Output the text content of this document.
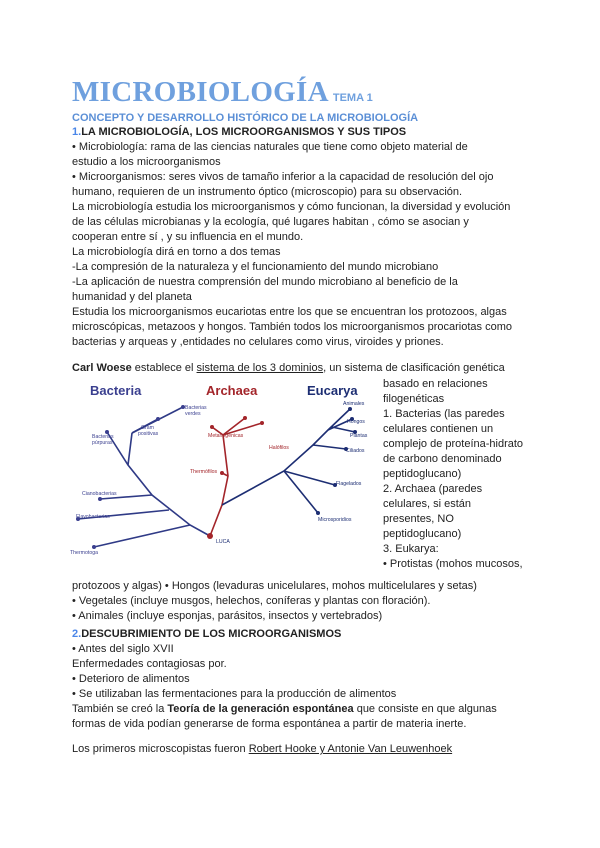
MICROBIOLOGÍA TEMA 1
CONCEPTO Y DESARROLLO HISTÓRICO DE LA MICROBIOLOGÍA
1.LA MICROBIOLOGÍA, LOS MICROORGANISMOS Y SUS TIPOS
• Microbiología: rama de las ciencias naturales que tiene como objeto material de
estudio a los microorganismos
• Microorganismos: seres vivos de tamaño inferior a la capacidad de resolución del ojo
humano, requieren de un instrumento óptico (microscopio) para su observación.
La microbiología estudia los microorganismos y cómo funcionan, la diversidad y evolución
de las células microbianas y la ecología, qué lugares habitan , cómo se asocian y
cooperan entre sí , y su influencia en el mundo.
La microbiología dirá en torno a dos temas
-La compresión de la naturaleza y el funcionamiento del mundo microbiano
-La aplicación de nuestra comprensión del mundo microbiano al beneficio de la
humanidad y del planeta
Estudia los microorganismos eucariotas entre los que se encuentran los protozoos, algas
microscópicas, metazoos y hongos. También todos los microorganismos procariotas como
bacterias y arqueas y ,entidades no celulares como virus, viroides y priones.
Carl Woese establece el sistema de los 3 dominios, un sistema de clasificación genética
basado en relaciones
filogenéticas
1. Bacterias (las paredes
celulares contienen un
complejo de proteína-hidrato
de carbono denominado
peptidoglucano)
2. Archaea (paredes
celulares, si están
presentes, NO
peptidoglucano)
3. Eukarya:
• Protistas (mohos mucosos,
Bacteria	Archaea	Eucarya
Bacterias
verdes
Gram
positivas
Bacterias
púrpuras
Cianobacterias
Flavobacterias
Thermotoga
Metanogénicas
Halófilos
Thermófilos
Animales
Hongos
Plantas
Ciliados
Flagelados
Microsporidios
LUCA
protozoos y algas) • Hongos (levaduras unicelulares, mohos multicelulares y setas)
• Vegetales (incluye musgos, helechos, coníferas y plantas con floración).
• Animales (incluye esponjas, parásitos, insectos y vertebrados)
2.DESCUBRIMIENTO DE LOS MICROORGANISMOS
• Antes del siglo XVII
Enfermedades contagiosas por.
• Deterioro de alimentos
• Se utilizaban las fermentaciones para la producción de alimentos
También se creó la Teoría de la generación espontánea que consiste en que algunas
formas de vida podían generarse de forma espontánea a partir de materia inerte.
Los primeros microscopistas fueron Robert Hooke y Antonie Van Leuwenhoek
